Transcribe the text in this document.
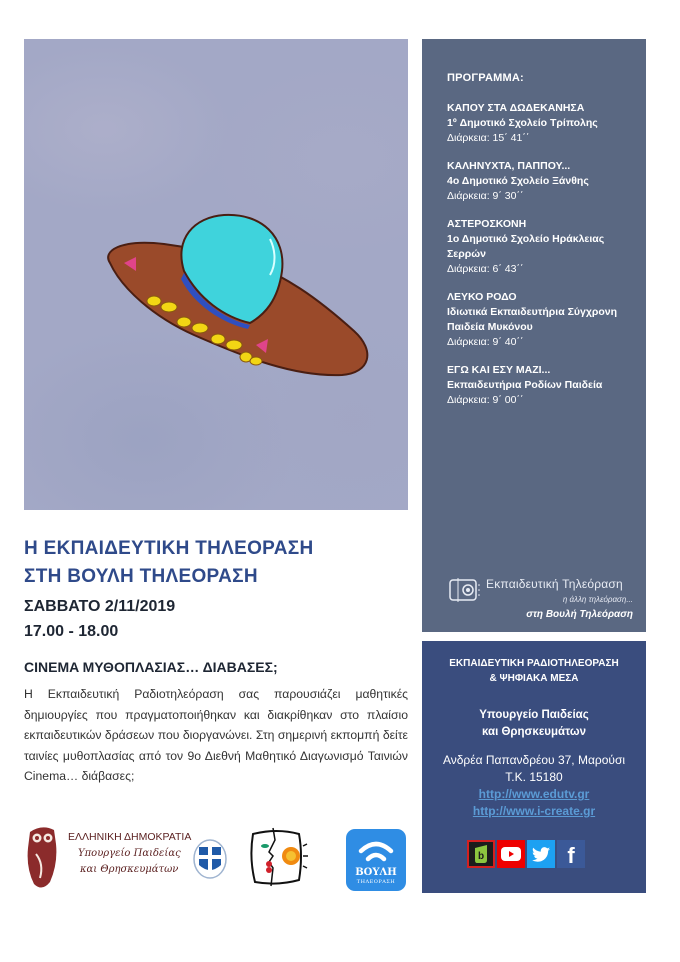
ΠΡΟΓΡΑΜΜΑ:
ΚΑΠΟΥ ΣΤΑ ΔΩΔΕΚΑΝΗΣΑ
1º Δημοτικό Σχολείο Τρίπολης
Διάρκεια: 15΄ 41΄΄
ΚΑΛΗΝΥΧΤΑ, ΠΑΠΠΟΥ...
4ο Δημοτικό Σχολείο Ξάνθης
Διάρκεια: 9΄ 30΄΄
ΑΣΤΕΡΟΣΚΟΝΗ
1ο Δημοτικό Σχολείο Ηράκλειας Σερρών
Διάρκεια: 6΄ 43΄΄
ΛΕΥΚΟ ΡΟΔΟ
Ιδιωτικά Εκπαιδευτήρια Σύγχρονη Παιδεία Μυκόνου
Διάρκεια: 9΄ 40΄΄
ΕΓΩ ΚΑΙ ΕΣΥ ΜΑΖΙ...
Εκπαιδευτήρια Ροδίων Παιδεία
Διάρκεια: 9΄ 00΄΄
Εκπαιδευτική Τηλεόραση
η άλλη τηλεόραση...
στη Βουλή Τηλεόραση
ΕΚΠΑΙΔΕΥΤΙΚΗ ΡΑΔΙΟΤΗΛΕΟΡΑΣΗ
& ΨΗΦΙΑΚΑ ΜΕΣΑ
Υπουργείο Παιδείας
και Θρησκευμάτων
Ανδρέα Παπανδρέου 37, Μαρούσι
Τ.Κ. 15180
http://www.edutv.gr
http://www.i-create.gr
b	f
Η ΕΚΠΑΙΔΕΥΤΙΚΗ ΤΗΛΕΟΡΑΣΗ
ΣΤΗ ΒΟΥΛΗ ΤΗΛΕΟΡΑΣΗ
ΣΑΒΒΑΤΟ 2/11/2019
17.00 - 18.00
CINEMA ΜΥΘΟΠΛΑΣΙΑΣ… ΔΙΑΒΑΣΕΣ;
Η Εκπαιδευτική Ραδιοτηλεόραση σας παρουσιάζει μαθητικές δημιουργίες που πραγματοποιήθηκαν και διακρίθηκαν στο πλαίσιο εκπαιδευτικών δράσεων που διοργανώνει. Στη σημερινή εκπομπή δείτε ταινίες μυθοπλασίας από τον 9ο Διεθνή Μαθητικό Διαγωνισμό Ταινιών Cinema… διάβασες;
ΕΛΛΗΝΙΚΗ ΔΗΜΟΚΡΑΤΙΑ
Υπουργείο Παιδείας
και Θρησκευμάτων	ΒΟΥΛΗ
ΤΗΛΕΟΡΑΣΗ
